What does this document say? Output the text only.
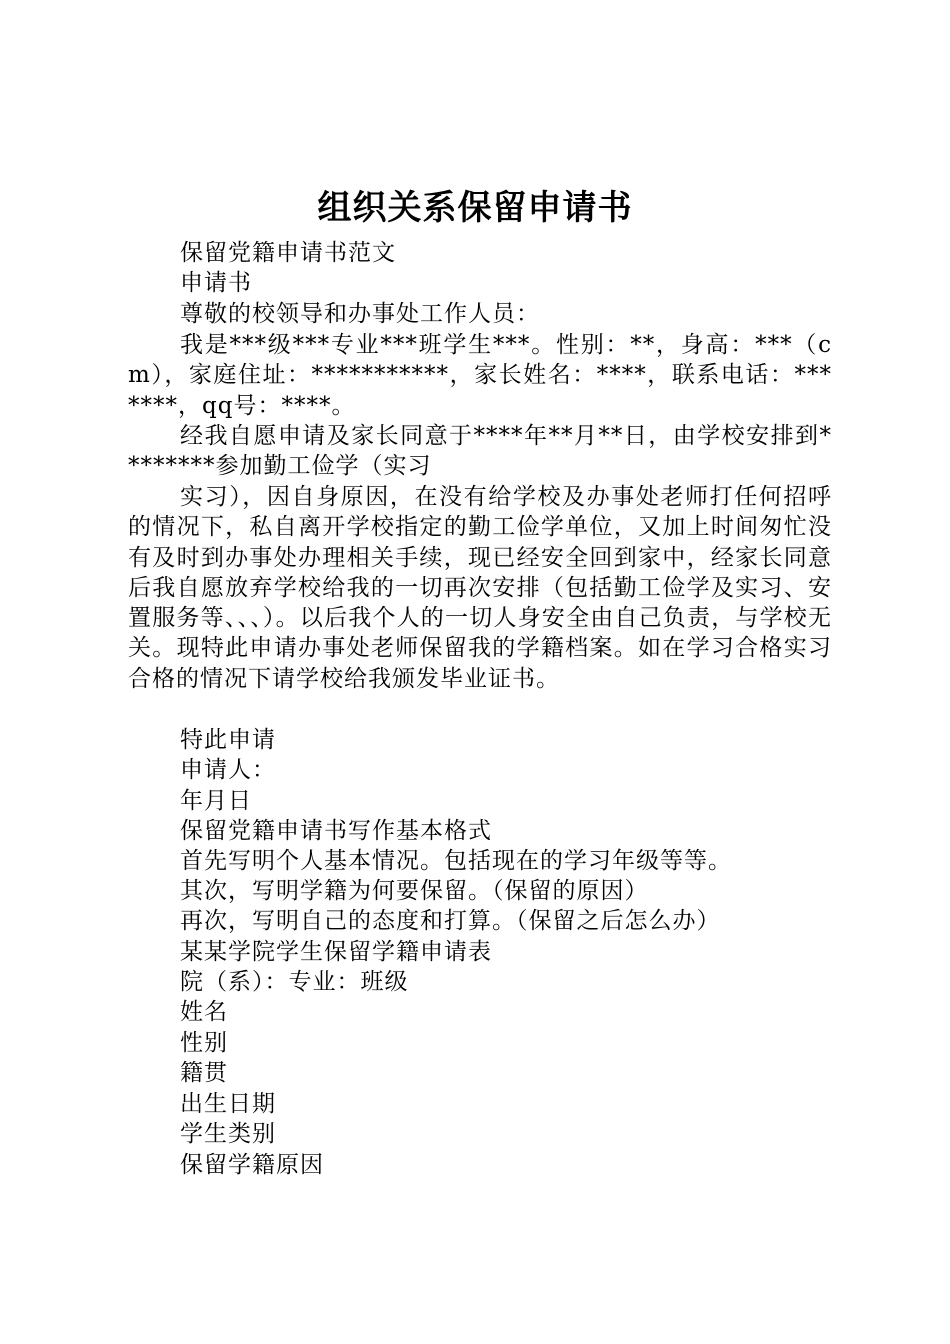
组织关系保留申请书
保留党籍申请书范文
申请书
尊敬的校领导和办事处工作人员：
我是***级***专业***班学生***。性别：**，身高：***（cm），家庭住址：***********，家长姓名：****，联系电话：*******，qq号：****。
经我自愿申请及家长同意于****年**月**日，由学校安排到********参加勤工俭学（实习
实习），因自身原因，在没有给学校及办事处老师打任何招呼的情况下，私自离开学校指定的勤工俭学单位，又加上时间匆忙没有及时到办事处办理相关手续，现已经安全回到家中，经家长同意后我自愿放弃学校给我的一切再次安排（包括勤工俭学及实习、安置服务等、、、）。以后我个人的一切人身安全由自己负责，与学校无关。现特此申请办事处老师保留我的学籍档案。如在学习合格实习合格的情况下请学校给我颁发毕业证书。
特此申请
申请人：
年月日
保留党籍申请书写作基本格式
首先写明个人基本情况。包括现在的学习年级等等。
其次，写明学籍为何要保留。（保留的原因）
再次，写明自己的态度和打算。（保留之后怎么办）
某某学院学生保留学籍申请表
院（系）：专业：班级
姓名
性别
籍贯
出生日期
学生类别
保留学籍原因
